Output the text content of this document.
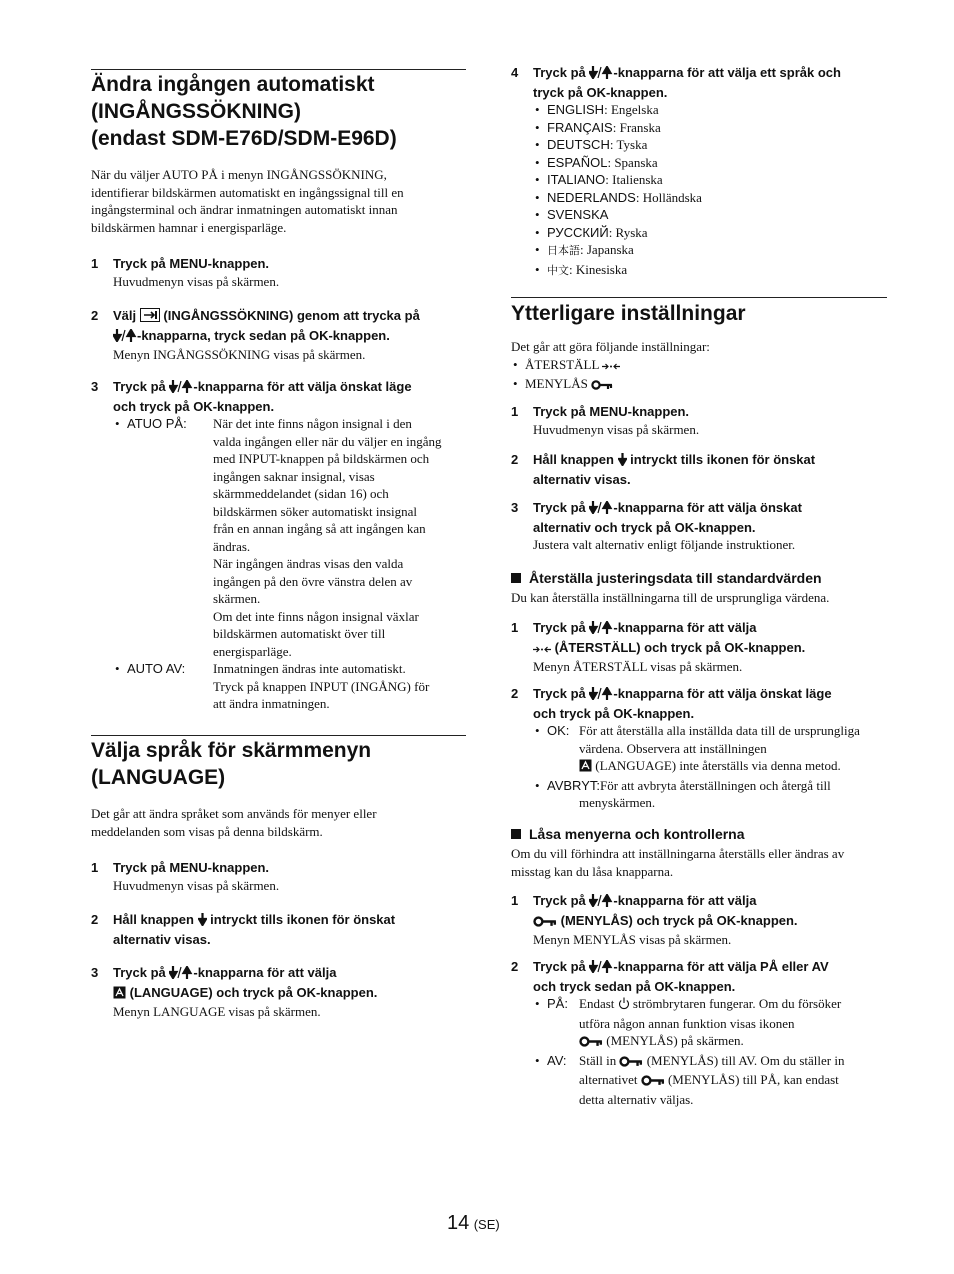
Ändra ingången automatiskt
(INGÅNGSSÖKNING)
(endast SDM-E76D/SDM-E96D)
När du väljer AUTO PÅ i menyn INGÅNGSSÖKNING,
identifierar bildskärmen automatiskt en ingångssignal till en
ingångsterminal och ändrar inmatningen automatiskt innan
bildskärmen hamnar i energisparläge.
1 Tryck på MENU-knappen.
Huvudmenyn visas på skärmen.
2 Välj (INGÅNGSSÖKNING) genom att trycka på
-knapparna, tryck sedan på OK-knappen.
Menyn INGÅNGSSÖKNING visas på skärmen.
3 Tryck på -knapparna för att välja önskat läge
och tryck på OK-knappen.
• ATUO PÅ:	När det inte finns någon insignal i den
valda ingången eller när du väljer en ingång
med INPUT-knappen på bildskärmen och
ingången saknar insignal, visas
skärmmeddelandet (sidan 16) och
bildskärmen söker automatiskt insignal
från en annan ingång så att ingången kan
ändras.
När ingången ändras visas den valda
ingången på den övre vänstra delen av
skärmen.
Om det inte finns någon insignal växlar
bildskärmen automatiskt över till
energisparläge.
• AUTO AV:	Inmatningen ändras inte automatiskt.
Tryck på knappen INPUT (INGÅNG) för
att ändra inmatningen.
Välja språk för skärmmenyn
(LANGUAGE)
Det går att ändra språket som används för menyer eller
meddelanden som visas på denna bildskärm.
1 Tryck på MENU-knappen.
Huvudmenyn visas på skärmen.
2 Håll knappen intryckt tills ikonen för önskat
alternativ visas.
3 Tryck på -knapparna för att välja
(LANGUAGE) och tryck på OK-knappen.
Menyn LANGUAGE visas på skärmen.
4 Tryck på -knapparna för att välja ett språk och
tryck på OK-knappen.
• ENGLISH: Engelska
• FRANÇAIS: Franska
• DEUTSCH: Tyska
• ESPAÑOL: Spanska
• ITALIANO: Italienska
• NEDERLANDS: Holländska
• SVENSKA
• РУССКИЙ: Ryska
• 日本語: Japanska
• 中文: Kinesiska
Ytterligare inställningar
Det går att göra följande inställningar:
• ÅTERSTÄLL
• MENYLÅS
1 Tryck på MENU-knappen.
Huvudmenyn visas på skärmen.
2 Håll knappen intryckt tills ikonen för önskat
alternativ visas.
3 Tryck på -knapparna för att välja önskat
alternativ och tryck på OK-knappen.
Justera valt alternativ enligt följande instruktioner.
Återställa justeringsdata till standardvärden
Du kan återställa inställningarna till de ursprungliga värdena.
1 Tryck på -knapparna för att välja
(ÅTERSTÄLL) och tryck på OK-knappen.
Menyn ÅTERSTÄLL visas på skärmen.
2 Tryck på -knapparna för att välja önskat läge
och tryck på OK-knappen.
• OK: För att återställa alla inställda data till de ursprungliga
värdena. Observera att inställningen
(LANGUAGE) inte återställs via denna metod.
• AVBRYT: För att avbryta återställningen och återgå till
menyskärmen.
Låsa menyerna och kontrollerna
Om du vill förhindra att inställningarna återställs eller ändras av
misstag kan du låsa knapparna.
1 Tryck på -knapparna för att välja
(MENYLÅS) och tryck på OK-knappen.
Menyn MENYLÅS visas på skärmen.
2 Tryck på -knapparna för att välja PÅ eller AV
och tryck sedan på OK-knappen.
• PÅ: Endast strömbrytaren fungerar. Om du försöker
utföra någon annan funktion visas ikonen
(MENYLÅS) på skärmen.
• AV: Ställ in (MENYLÅS) till AV. Om du ställer in
alternativet (MENYLÅS) till PÅ, kan endast
detta alternativ väljas.
14 (SE)
